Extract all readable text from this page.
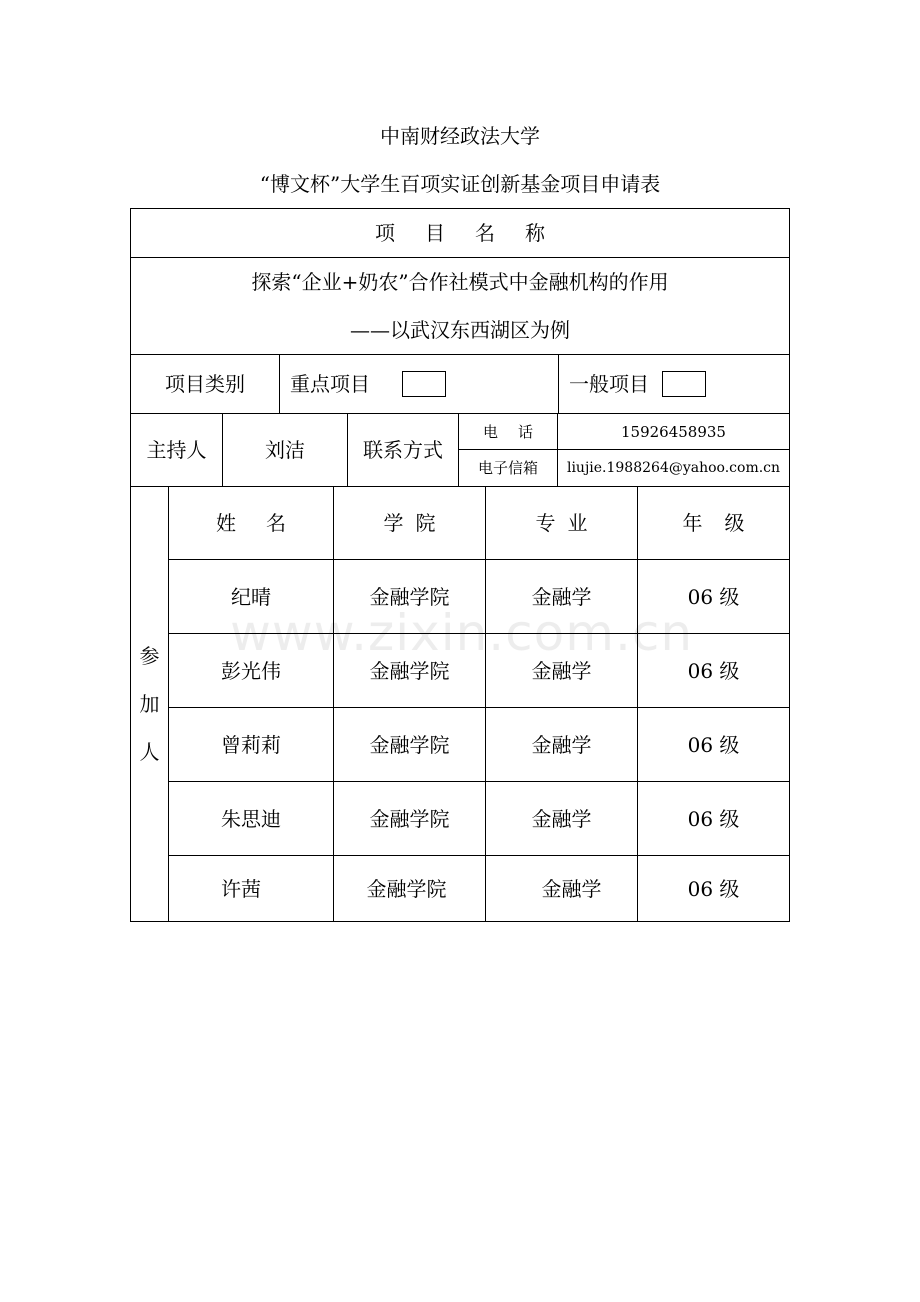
中南财经政法大学
“博文杯”大学生百项实证创新基金项目申请表
项目名称
探索“企业+奶农”合作社模式中金融机构的作用
——以武汉东西湖区为例
项目类别	重点项目	一般项目
主持人	刘洁	联系方式
电话	15926458935
电子信箱	liujie.1988264@yahoo.com.cn
参
加
人
姓名	学院	专业	年级
纪晴	金融学院	金融学	06 级
彭光伟	金融学院	金融学	06 级
曾莉莉	金融学院	金融学	06 级
朱思迪	金融学院	金融学	06 级
许茜	金融学院	金融学	06 级
www.zixin.com.cn
